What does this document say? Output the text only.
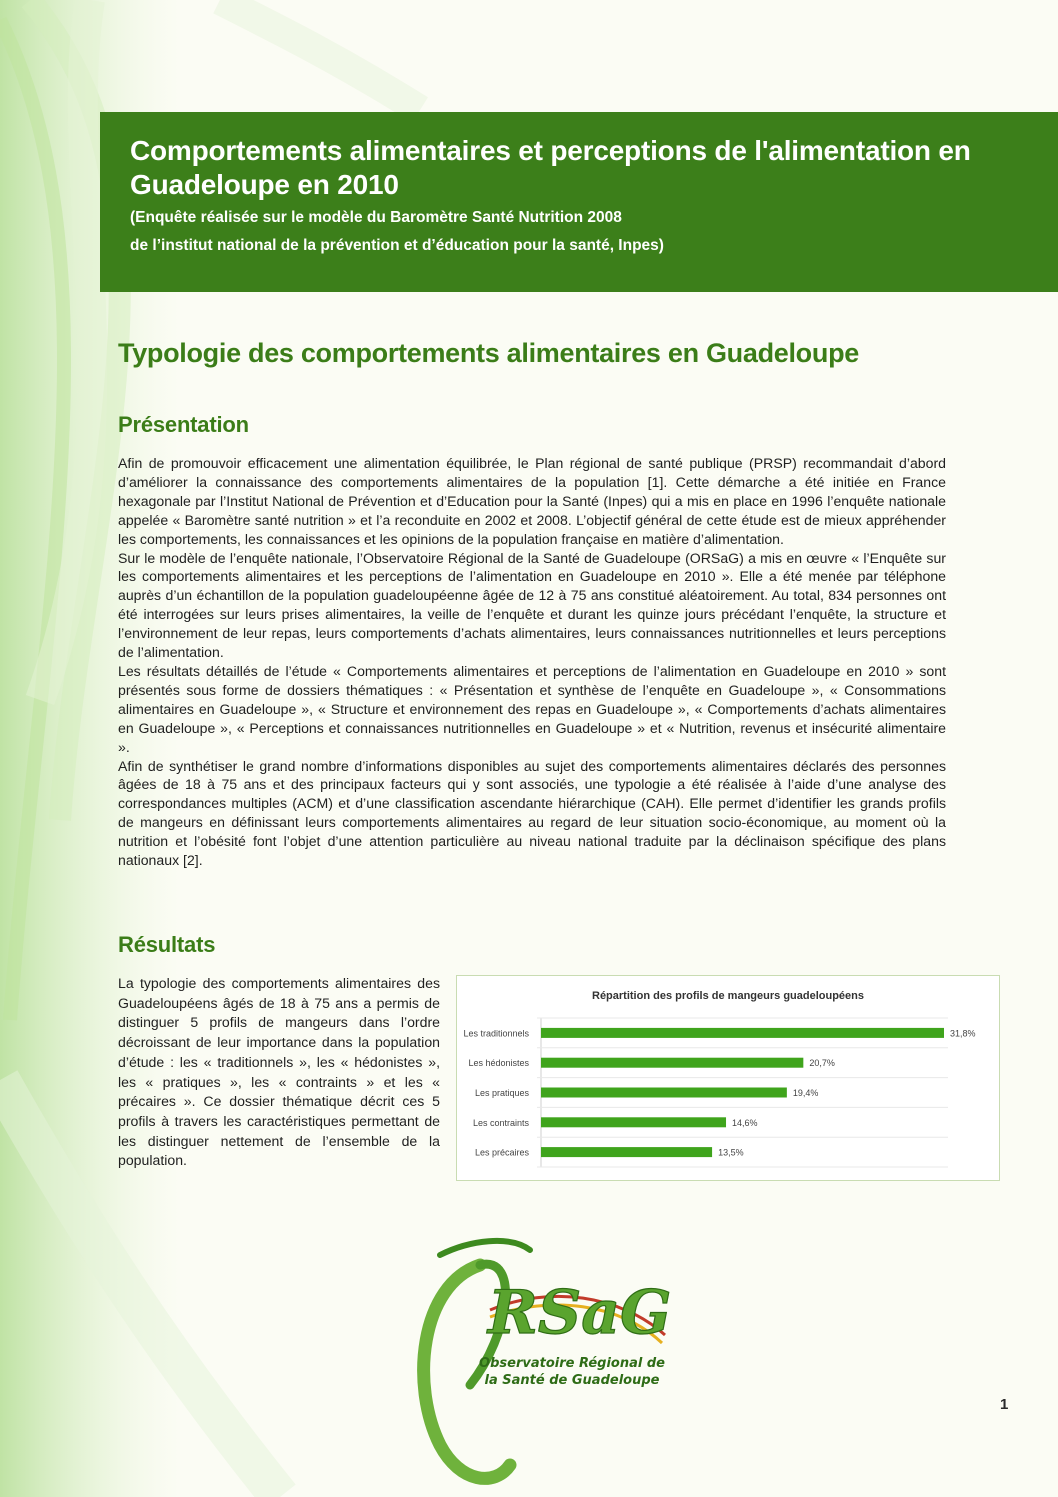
Comportements alimentaires et perceptions de l'alimentation en Guadeloupe en 2010
(Enquête réalisée sur le modèle du Baromètre Santé Nutrition 2008
de l’institut national de la prévention et d’éducation pour la santé, Inpes)
Typologie des comportements alimentaires en Guadeloupe
Présentation

Afin de promouvoir efficacement une alimentation équilibrée, le Plan régional de santé publique (PRSP) recommandait d’abord d’améliorer la connaissance des comportements alimentaires de la population [1]. Cette démarche a été initiée en France hexagonale par l’Institut National de Prévention et d’Education pour la Santé (Inpes) qui a mis en place en 1996 l’enquête nationale appelée « Baromètre santé nutrition » et l’a reconduite en 2002 et 2008. L’objectif général de cette étude est de mieux appréhender les comportements, les connaissances et les opinions de la population française en matière d’alimentation.

Sur le modèle de l’enquête nationale, l’Observatoire Régional de la Santé de Guadeloupe (ORSaG) a mis en œuvre « l’Enquête sur les comportements alimentaires et les perceptions de l’alimentation en Guadeloupe en 2010 ». Elle a été menée par téléphone auprès d’un échantillon de la population guadeloupéenne âgée de 12 à 75 ans constitué aléatoirement. Au total, 834 personnes ont été interrogées sur leurs prises alimentaires, la veille de l’enquête et durant les quinze jours précédant l’enquête, la structure et l’environnement de leur repas, leurs comportements d’achats alimentaires, leurs connaissances nutritionnelles et leurs perceptions de l’alimentation.

Les résultats détaillés de l’étude « Comportements alimentaires et perceptions de l’alimentation en Guadeloupe en 2010 » sont présentés sous forme de dossiers thématiques : « Présentation et synthèse de l’enquête en Guadeloupe », « Consommations alimentaires en Guadeloupe », « Structure et environnement des repas en Guadeloupe », « Comportements d’achats alimentaires en Guadeloupe », « Perceptions et connaissances nutritionnelles en Guadeloupe » et « Nutrition, revenus et insécurité alimentaire ».

Afin de synthétiser le grand nombre d’informations disponibles au sujet des comportements alimentaires déclarés des personnes âgées de 18 à 75 ans et des principaux facteurs qui y sont associés, une typologie a été réalisée à l’aide d’une analyse des correspondances multiples (ACM) et d’une classification ascendante hiérarchique (CAH). Elle permet d’identifier les grands profils de mangeurs en définissant leurs comportements alimentaires au regard de leur situation socio-économique, au moment où la nutrition et l’obésité font l’objet d’une attention particulière au niveau national traduite par la déclinaison spécifique des plans nationaux [2].

Résultats
La typologie des comportements alimentaires des Guadeloupéens âgés de 18 à 75 ans a permis de distinguer 5 profils de mangeurs dans l’ordre décroissant de leur importance dans la population d’étude : les « traditionnels », les « hédonistes », les « pratiques », les « contraints » et les « précaires ». Ce dossier thématique décrit ces 5 profils à travers les caractéristiques permettant de les distinguer nettement de l’ensemble de la population.
Répartition des profils de mangeurs guadeloupéens
Les traditionnels	31,8%
Les hédonistes	20,7%
Les pratiques	19,4%
Les contraints	14,6%
Les précaires	13,5%
RSaG
Observatoire Régional de
la Santé de Guadeloupe
1
